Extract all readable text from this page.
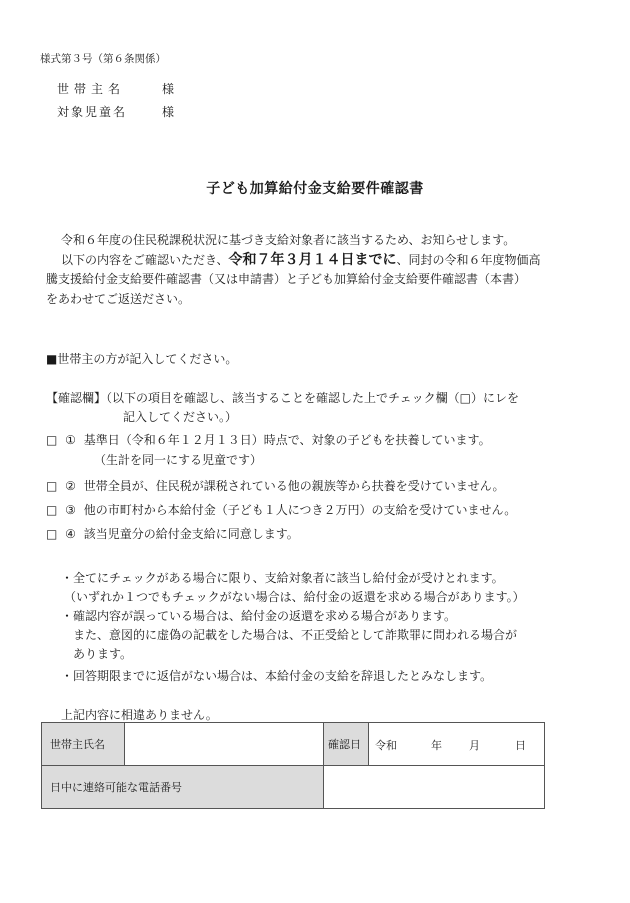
様式第３号（第６条関係）
世帯主名	様
対象児童名	様
子ども加算給付金支給要件確認書
令和６年度の住民税課税状況に基づき支給対象者に該当するため、お知らせします。
以下の内容をご確認いただき、令和７年３月１４日までに、同封の令和６年度物価高
騰支援給付金支給要件確認書（又は申請書）と子ども加算給付金支給要件確認書（本書）
をあわせてご返送ださい。
■世帯主の方が記入してください。
【確認欄】（以下の項目を確認し、該当することを確認した上でチェック欄（□）にレを
記入してください。）
□ ① 基準日（令和６年１２月１３日）時点で、対象の子どもを扶養しています。
（生計を同一にする児童です）
□ ② 世帯全員が、住民税が課税されている他の親族等から扶養を受けていません。
□ ③ 他の市町村から本給付金（子ども１人につき２万円）の支給を受けていません。
□ ④ 該当児童分の給付金支給に同意します。
・全てにチェックがある場合に限り、支給対象者に該当し給付金が受けとれます。
（いずれか１つでもチェックがない場合は、給付金の返還を求める場合があります。）
・確認内容が誤っている場合は、給付金の返還を求める場合があります。
また、意図的に虚偽の記載をした場合は、不正受給として詐欺罪に問われる場合が
あります。
・回答期限までに返信がない場合は、本給付金の支給を辞退したとみなします。
上記内容に相違ありません。
世帯主氏名		確認日	令和 年 月 日

日中に連絡可能な電話番号			
